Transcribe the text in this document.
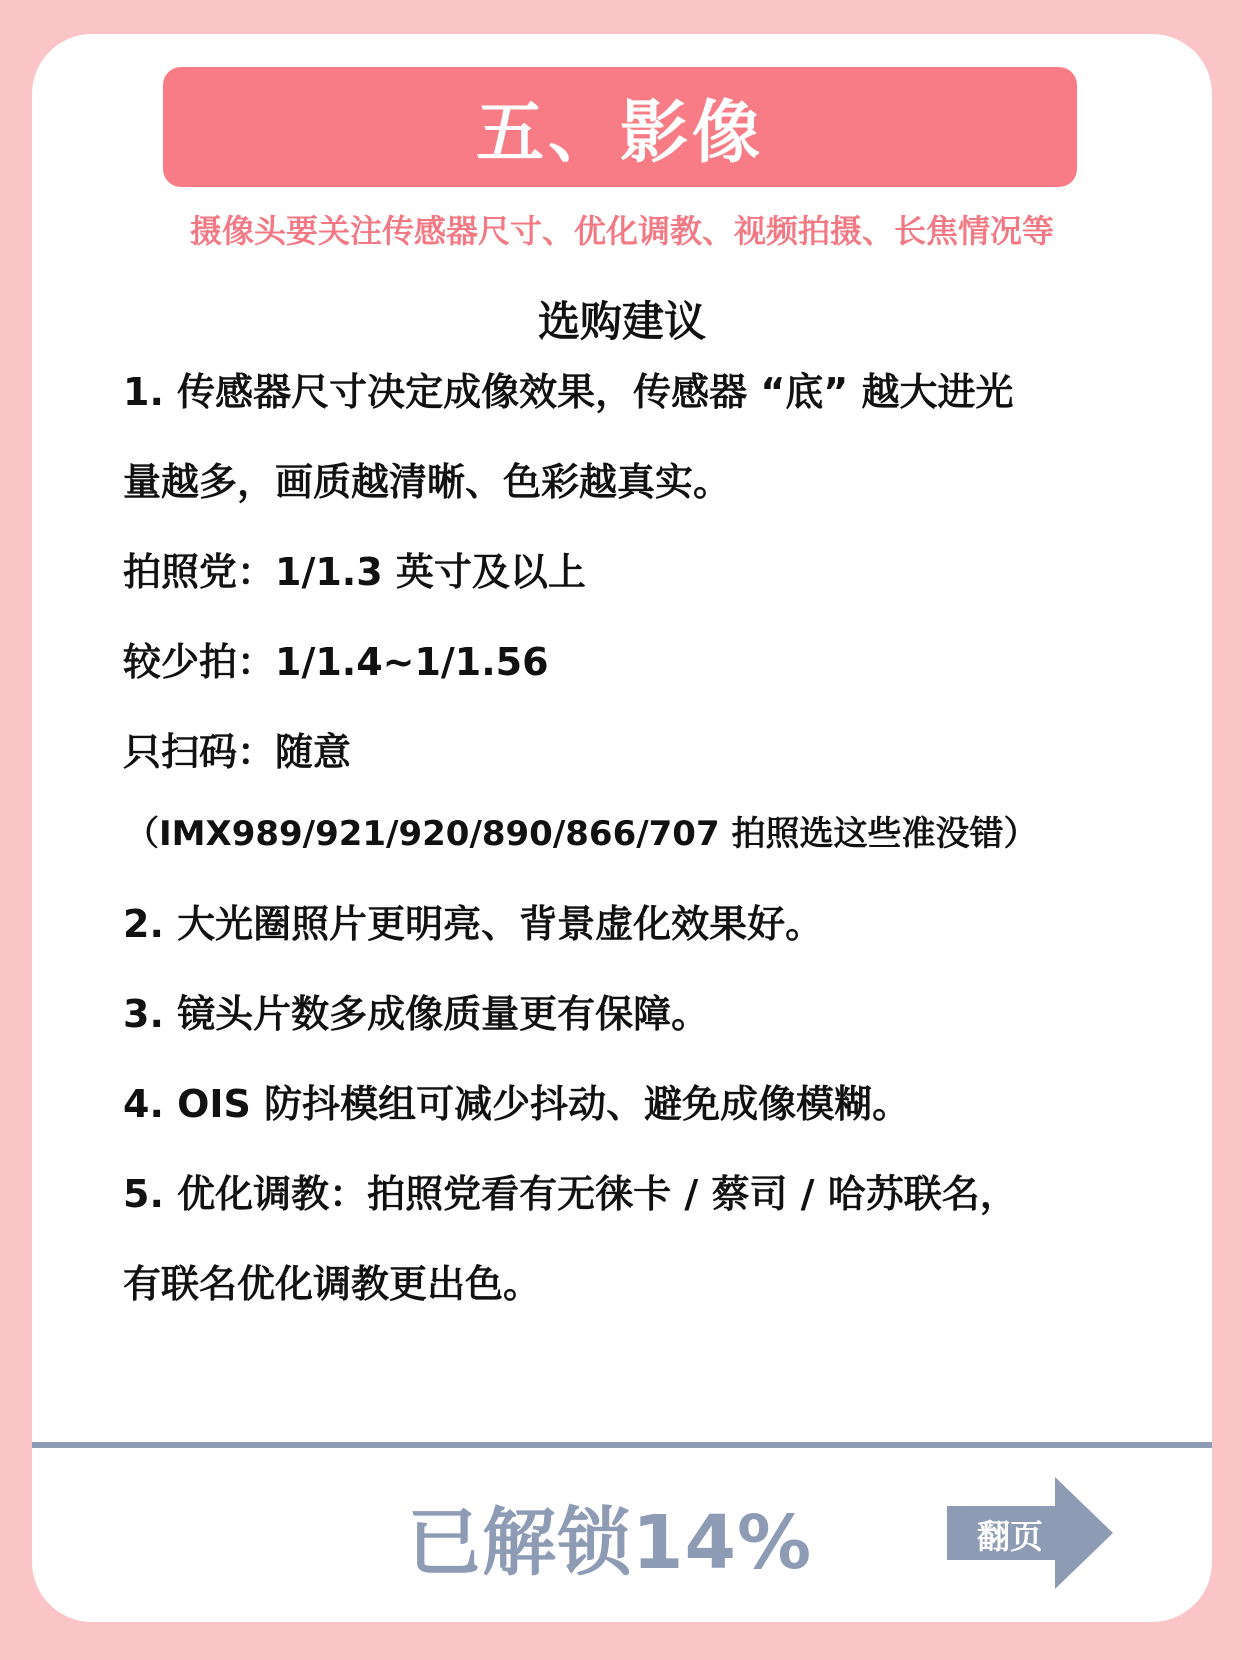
五、影像
摄像头要关注传感器尺寸、优化调教、视频拍摄、长焦情况等
选购建议
1. 传感器尺寸决定成像效果，传感器 “底” 越大进光
量越多，画质越清晰、色彩越真实。
拍照党：1/1.3 英寸及以上
较少拍：1/1.4~1/1.56
只扫码：随意
（IMX989/921/920/890/866/707 拍照选这些准没错）
2. 大光圈照片更明亮、背景虚化效果好。
3. 镜头片数多成像质量更有保障。
4. OIS 防抖模组可减少抖动、避免成像模糊。
5. 优化调教：拍照党看有无徕卡 / 蔡司 / 哈苏联名，
有联名优化调教更出色。
已解锁14%	翻页
